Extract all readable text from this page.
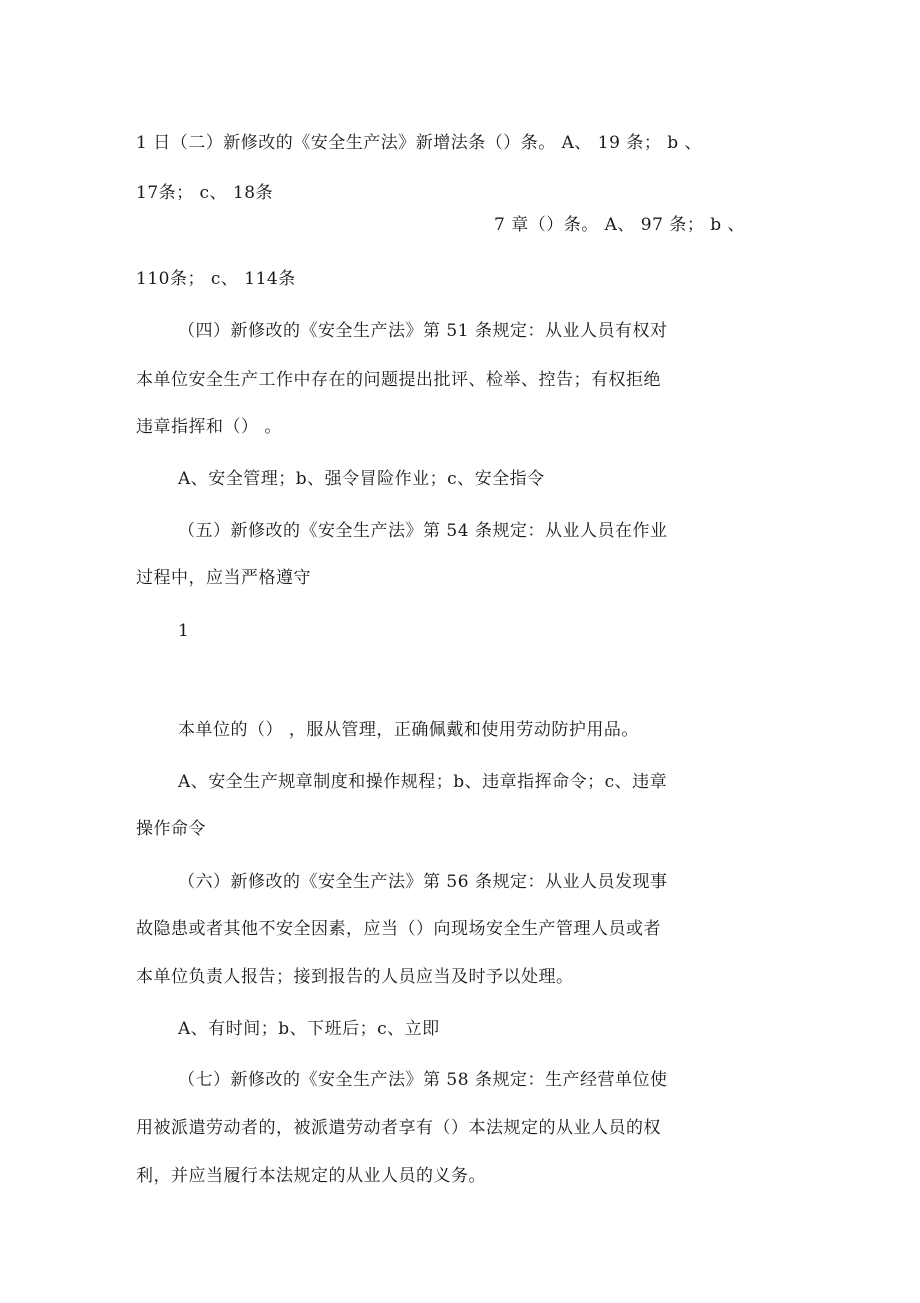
1 日（二）新修改的《安全生产法》新增法条（）条。 A、 19 条； b 、
17条； c、 18条
7 章（）条。 A、 97 条； b 、
110条； c、 114条
（四）新修改的《安全生产法》第 51 条规定：从业人员有权对
本单位安全生产工作中存在的问题提出批评、检举、控告；有权拒绝
违章指挥和（） 。
A、安全管理；b、强令冒险作业；c、安全指令
（五）新修改的《安全生产法》第 54 条规定：从业人员在作业
过程中，应当严格遵守
1
本单位的（） ，服从管理，正确佩戴和使用劳动防护用品。
A、安全生产规章制度和操作规程；b、违章指挥命令；c、违章
操作命令
（六）新修改的《安全生产法》第 56 条规定：从业人员发现事
故隐患或者其他不安全因素，应当（）向现场安全生产管理人员或者
本单位负责人报告；接到报告的人员应当及时予以处理。
A、有时间；b、下班后；c、立即
（七）新修改的《安全生产法》第 58 条规定：生产经营单位使
用被派遣劳动者的，被派遣劳动者享有（）本法规定的从业人员的权
利，并应当履行本法规定的从业人员的义务。
